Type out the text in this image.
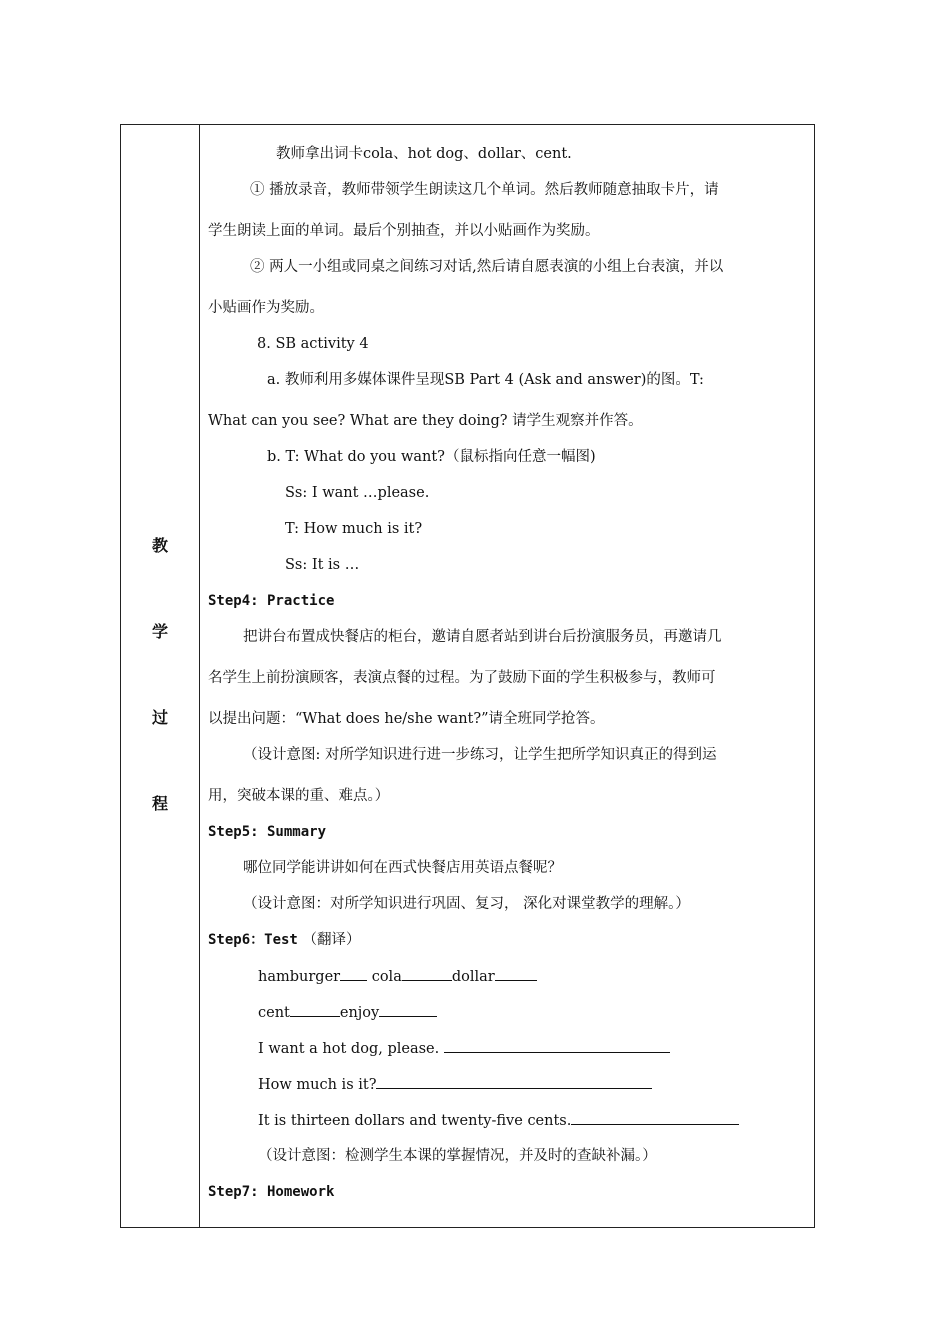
教
学
过
程
教师拿出词卡cola、hot dog、dollar、cent.
① 播放录音，教师带领学生朗读这几个单词。然后教师随意抽取卡片，请
学生朗读上面的单词。最后个别抽查，并以小贴画作为奖励。
② 两人一小组或同桌之间练习对话,然后请自愿表演的小组上台表演，并以
小贴画作为奖励。
8. SB activity 4
a. 教师利用多媒体课件呈现SB Part 4 (Ask and answer)的图。T:
What can you see? What are they doing? 请学生观察并作答。
b. T: What do you want?（鼠标指向任意一幅图)
Ss: I want …please.
T: How much is it?
Ss: It is …
Step4: Practice
把讲台布置成快餐店的柜台，邀请自愿者站到讲台后扮演服务员，再邀请几
名学生上前扮演顾客，表演点餐的过程。为了鼓励下面的学生积极参与，教师可
以提出问题：“What does he/she want?”请全班同学抢答。
（设计意图: 对所学知识进行进一步练习，让学生把所学知识真正的得到运
用，突破本课的重、难点。）
Step5: Summary
哪位同学能讲讲如何在西式快餐店用英语点餐呢？
（设计意图：对所学知识进行巩固、复习， 深化对课堂教学的理解。）
Step6：Test （翻译）
hamburger cola	dollar
cent	enjoy
I want a hot dog, please.
How much is it?
It is thirteen dollars and twenty-five cents.
（设计意图：检测学生本课的掌握情况，并及时的查缺补漏。）
Step7: Homework
